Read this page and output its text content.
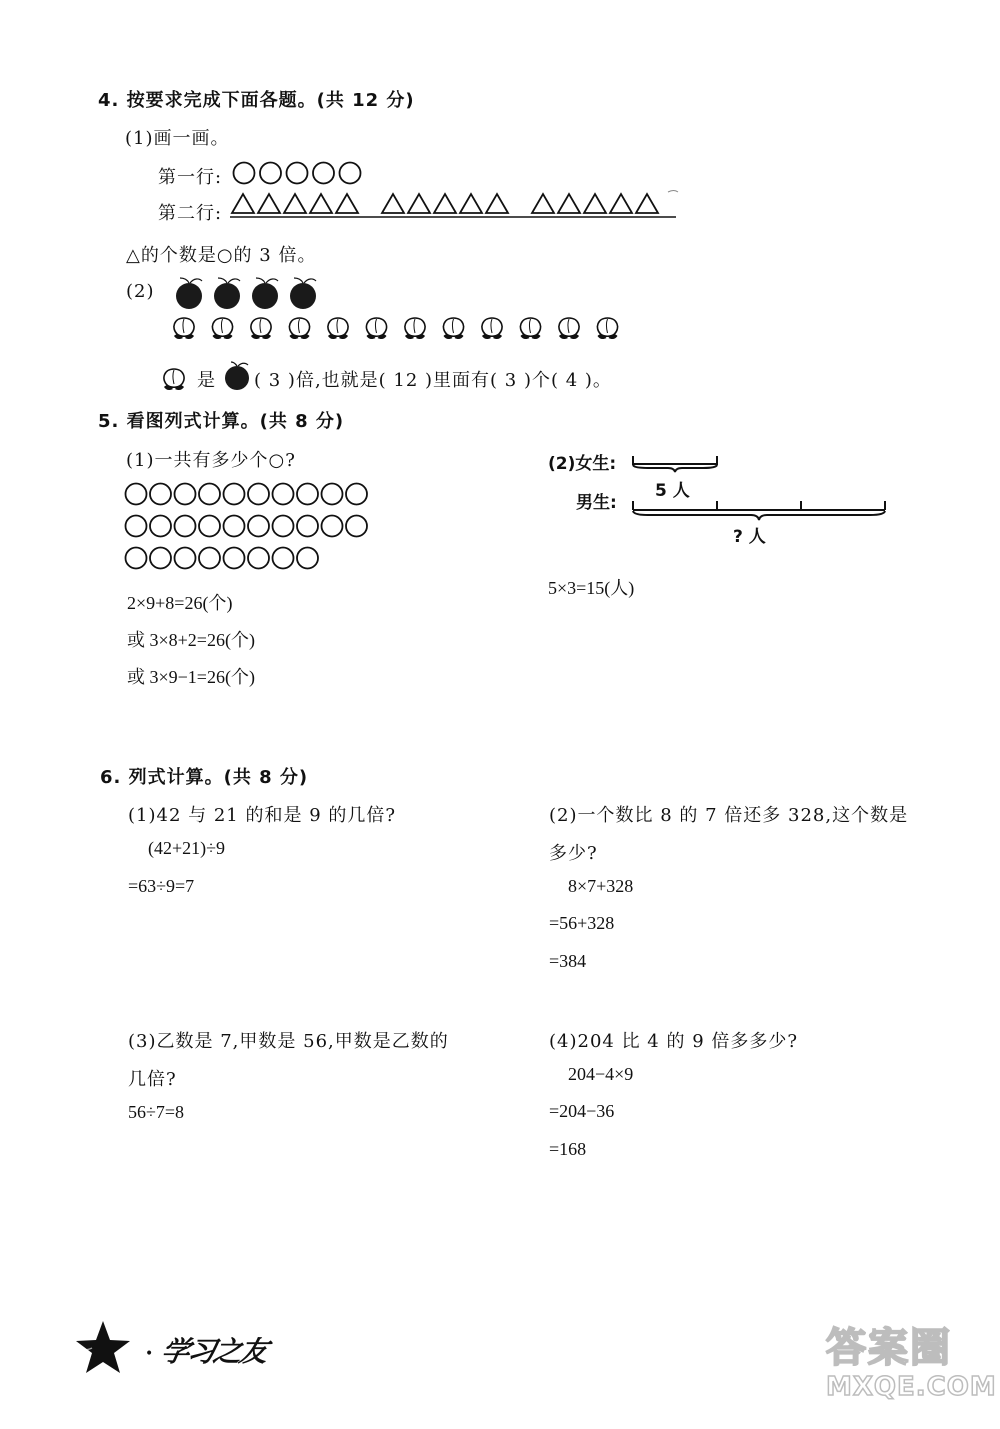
4. 按要求完成下面各题。(共 12 分)
(1)画一画。
第一行:
第二行:
△的个数是○的 3 倍。
(2)
是 ( 3 )倍,也就是( 12 )里面有( 3 )个( 4 )。
5. 看图列式计算。(共 8 分)
(1)一共有多少个○?
2×9+8=26(个)
或 3×8+2=26(个)
或 3×9−1=26(个)
(2)女生:
男生:
5 人
? 人
5×3=15(人)
6. 列式计算。(共 8 分)
(1)42 与 21 的和是 9 的几倍?
(42+21)÷9
=63÷9=7
(2)一个数比 8 的 7 倍还多 328,这个数是
多少?
8×7+328
=56+328
=384
(3)乙数是 7,甲数是 56,甲数是乙数的
几倍?
56÷7=8
(4)204 比 4 的 9 倍多多少?
204−4×9
=204−36
=168
• 学习之友	答案圈
MXQE.COM
